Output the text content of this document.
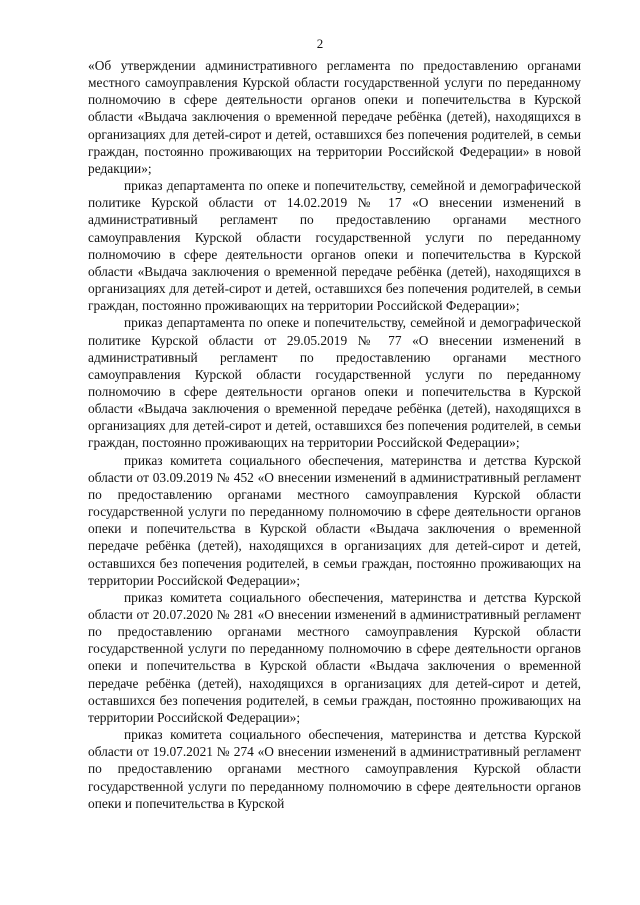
2

«Об утверждении административного регламента по предоставлению органами местного самоуправления Курской области государственной услуги по переданному полномочию в сфере деятельности органов опеки и попечительства в Курской области «Выдача заключения о временной передаче ребёнка (детей), находящихся в организациях для детей-сирот и детей, оставшихся без попечения родителей, в семьи граждан, постоянно проживающих на территории Российской Федерации» в новой редакции»;

приказ департамента по опеке и попечительству, семейной и демографической политике Курской области от 14.02.2019 № 17 «О внесении изменений в административный регламент по предоставлению органами местного самоуправления Курской области государственной услуги по переданному полномочию в сфере деятельности органов опеки и попечительства в Курской области «Выдача заключения о временной передаче ребёнка (детей), находящихся в организациях для детей-сирот и детей, оставшихся без попечения родителей, в семьи граждан, постоянно проживающих на территории Российской Федерации»;

приказ департамента по опеке и попечительству, семейной и демографической политике Курской области от 29.05.2019 № 77 «О внесении изменений в административный регламент по предоставлению органами местного самоуправления Курской области государственной услуги по переданному полномочию в сфере деятельности органов опеки и попечительства в Курской области «Выдача заключения о временной передаче ребёнка (детей), находящихся в организациях для детей-сирот и детей, оставшихся без попечения родителей, в семьи граждан, постоянно проживающих на территории Российской Федерации»;

приказ комитета социального обеспечения, материнства и детства Курской области от 03.09.2019 № 452 «О внесении изменений в административный регламент по предоставлению органами местного самоуправления Курской области государственной услуги по переданному полномочию в сфере деятельности органов опеки и попечительства в Курской области «Выдача заключения о временной передаче ребёнка (детей), находящихся в организациях для детей-сирот и детей, оставшихся без попечения родителей, в семьи граждан, постоянно проживающих на территории Российской Федерации»;

приказ комитета социального обеспечения, материнства и детства Курской области от 20.07.2020 № 281 «О внесении изменений в административный регламент по предоставлению органами местного самоуправления Курской области государственной услуги по переданному полномочию в сфере деятельности органов опеки и попечительства в Курской области «Выдача заключения о временной передаче ребёнка (детей), находящихся в организациях для детей-сирот и детей, оставшихся без попечения родителей, в семьи граждан, постоянно проживающих на территории Российской Федерации»;

приказ комитета социального обеспечения, материнства и детства Курской области от 19.07.2021 № 274 «О внесении изменений в административный регламент по предоставлению органами местного самоуправления Курской области государственной услуги по переданному полномочию в сфере деятельности органов опеки и попечительства в Курской
